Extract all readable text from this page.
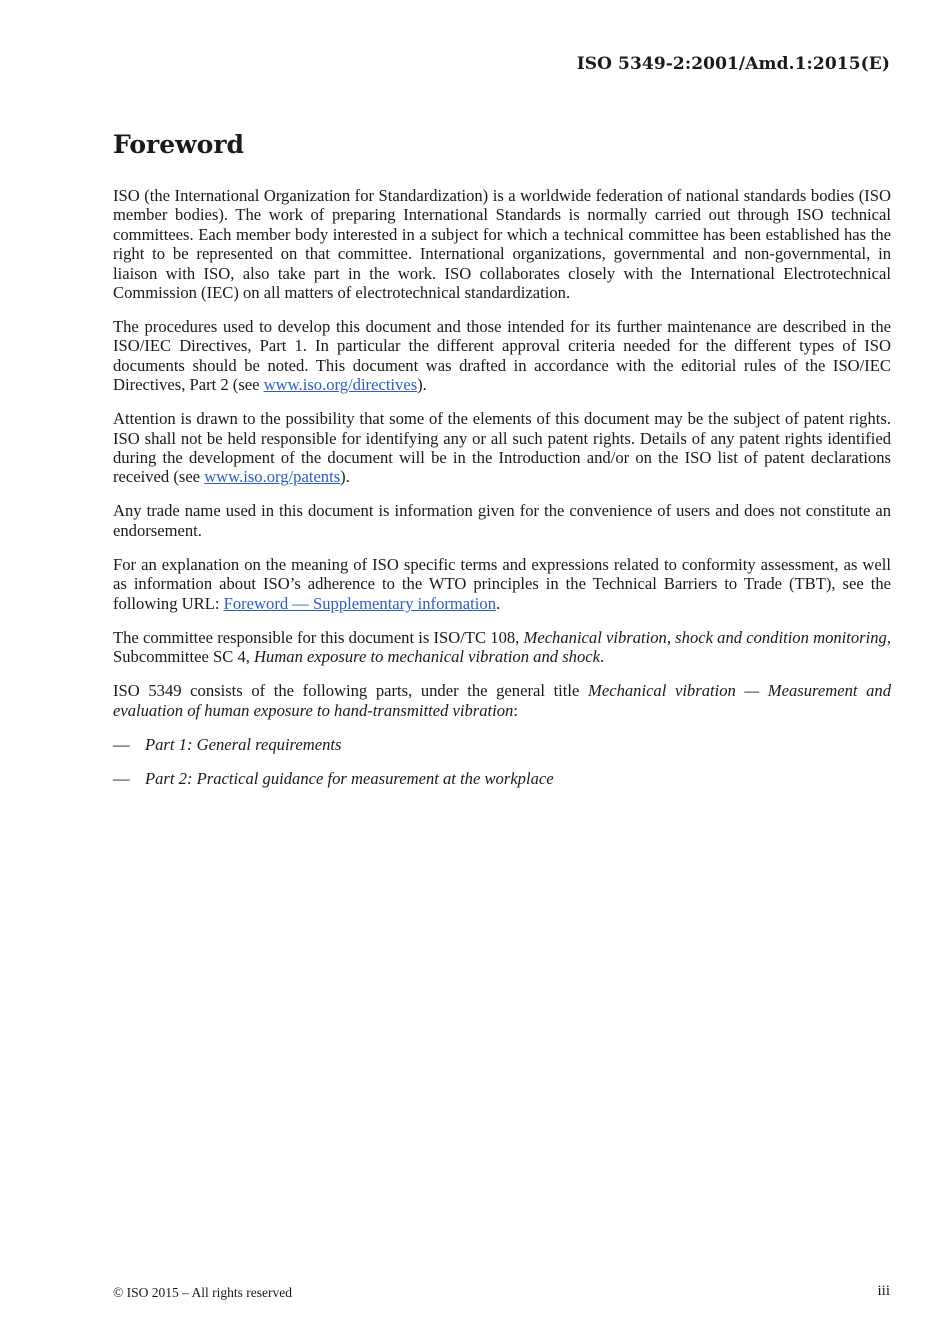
ISO 5349-2:2001/Amd.1:2015(E)
Foreword

ISO (the International Organization for Standardization) is a worldwide federation of national standards bodies (ISO member bodies). The work of preparing International Standards is normally carried out through ISO technical committees. Each member body interested in a subject for which a technical committee has been established has the right to be represented on that committee. International organizations, governmental and non-governmental, in liaison with ISO, also take part in the work. ISO collaborates closely with the International Electrotechnical Commission (IEC) on all matters of electrotechnical standardization.

The procedures used to develop this document and those intended for its further maintenance are described in the ISO/IEC Directives, Part 1. In particular the different approval criteria needed for the different types of ISO documents should be noted. This document was drafted in accordance with the editorial rules of the ISO/IEC Directives, Part 2 (see www.iso.org/directives).

Attention is drawn to the possibility that some of the elements of this document may be the subject of patent rights. ISO shall not be held responsible for identifying any or all such patent rights. Details of any patent rights identified during the development of the document will be in the Introduction and/or on the ISO list of patent declarations received (see www.iso.org/patents).

Any trade name used in this document is information given for the convenience of users and does not constitute an endorsement.

For an explanation on the meaning of ISO specific terms and expressions related to conformity assessment, as well as information about ISO’s adherence to the WTO principles in the Technical Barriers to Trade (TBT), see the following URL: Foreword — Supplementary information.

The committee responsible for this document is ISO/TC 108, Mechanical vibration, shock and condition monitoring, Subcommittee SC 4, Human exposure to mechanical vibration and shock.

ISO 5349 consists of the following parts, under the general title Mechanical vibration — Measurement and evaluation of human exposure to hand-transmitted vibration:

— Part 1: General requirements
— Part 2: Practical guidance for measurement at the workplace
© ISO 2015 – All rights reserved	iii
